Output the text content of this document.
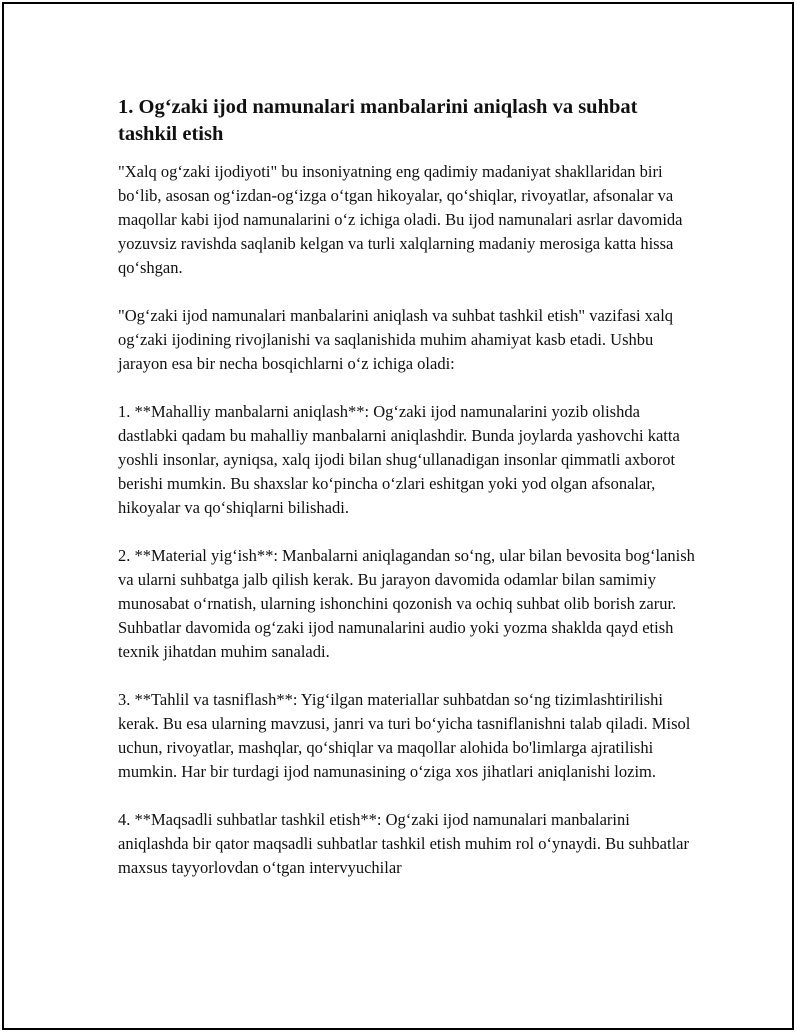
1. Og‘zaki ijod namunalari manbalarini aniqlash va suhbat tashkil etish

"Xalq og‘zaki ijodiyoti" bu insoniyatning eng qadimiy madaniyat shakllaridan biri bo‘lib, asosan og‘izdan-og‘izga o‘tgan hikoyalar, qo‘shiqlar, rivoyatlar, afsonalar va maqollar kabi ijod namunalarini o‘z ichiga oladi. Bu ijod namunalari asrlar davomida yozuvsiz ravishda saqlanib kelgan va turli xalqlarning madaniy merosiga katta hissa qo‘shgan.

"Og‘zaki ijod namunalari manbalarini aniqlash va suhbat tashkil etish" vazifasi xalq og‘zaki ijodining rivojlanishi va saqlanishida muhim ahamiyat kasb etadi. Ushbu jarayon esa bir necha bosqichlarni o‘z ichiga oladi:

1. **Mahalliy manbalarni aniqlash**: Og‘zaki ijod namunalarini yozib olishda dastlabki qadam bu mahalliy manbalarni aniqlashdir. Bunda joylarda yashovchi katta yoshli insonlar, ayniqsa, xalq ijodi bilan shug‘ullanadigan insonlar qimmatli axborot berishi mumkin. Bu shaxslar ko‘pincha o‘zlari eshitgan yoki yod olgan afsonalar, hikoyalar va qo‘shiqlarni bilishadi.

2. **Material yig‘ish**: Manbalarni aniqlagandan so‘ng, ular bilan bevosita bog‘lanish va ularni suhbatga jalb qilish kerak. Bu jarayon davomida odamlar bilan samimiy munosabat o‘rnatish, ularning ishonchini qozonish va ochiq suhbat olib borish zarur. Suhbatlar davomida og‘zaki ijod namunalarini audio yoki yozma shaklda qayd etish texnik jihatdan muhim sanaladi.

3. **Tahlil va tasniflash**: Yig‘ilgan materiallar suhbatdan so‘ng tizimlashtirilishi kerak. Bu esa ularning mavzusi, janri va turi bo‘yicha tasniflanishni talab qiladi. Misol uchun, rivoyatlar, mashqlar, qo‘shiqlar va maqollar alohida bo'limlarga ajratilishi mumkin. Har bir turdagi ijod namunasining o‘ziga xos jihatlari aniqlanishi lozim.

4. **Maqsadli suhbatlar tashkil etish**: Og‘zaki ijod namunalari manbalarini aniqlashda bir qator maqsadli suhbatlar tashkil etish muhim rol o‘ynaydi. Bu suhbatlar maxsus tayyorlovdan o‘tgan intervyuchilar
